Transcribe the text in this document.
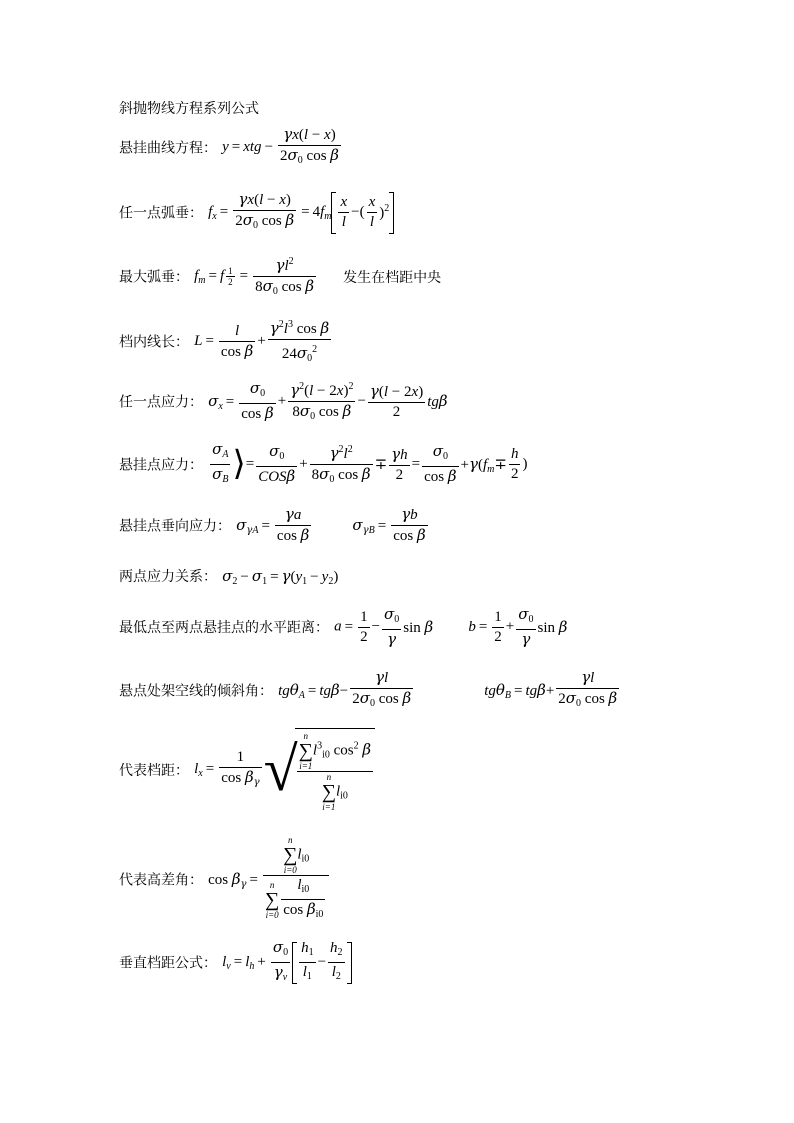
斜抛物线方程系列公式
悬挂曲线方程： y = xtg − $\frac{\gamma x(l - x)}{2\sigma_0 \cos \beta}$
任一点弧垂： $f_x = \frac{\gamma x(l - x)}{2\sigma_0 \cos \beta} = 4f_m \frac{x}{l}$ −( $\frac{x}{l} )^2$
最大弧垂： $f_m = f \frac{1}{2} = \frac{\gamma l^2}{8\sigma_0 \cos \beta}$ 发生在档距中央
档内线长： $L = \frac{l}{\text{cos β}} + \frac{\gamma^2l^3 \cos \beta}{24\sigma_0^2}$
任一点应力： $\sigma_x = \frac{\sigma_0}{\text{cos β}} + \frac{\gamma^2(l - 2x)^2}{8\sigma_0 \cos \beta} - \frac{\gamma(l - 2x)}{2}$ tgβ
悬挂点应力： $\frac{\sigma_A}{\sigma_B}$ ⟩= $\frac{\sigma_0}{\text{COSβ}} + \frac{\gamma^2l^2}{8\sigma_0 \cos \beta} \mp \frac{\gamma h}{2} = \frac{\sigma_0}{\text{cos β}} +\gamma(f_m\mp \frac{h}{2}$ )
悬挂点垂向应力： $\sigma_{\gamma A} = \frac{\gamma a}{\text{cos β}}$	$\sigma_{\gamma B} = \frac{\gamma b}{\text{cos β}}$
两点应力关系： $\sigma_2 - \sigma_1 = \gamma(y_1 - y_2)$
最低点至两点悬挂点的水平距离： $a = \frac{1}{2} - \frac{\sigma_0}{\gamma}$ sin β $b = \frac{1}{2} + \frac{\sigma_0}{\gamma}$ sin β
悬点处架空线的倾斜角： $tg\theta_A = tg\beta- \frac{\gamma l}{2\sigma_0 \cos \beta}$	$tg\theta_B = tg\beta+ \frac{\gamma l}{2\sigma_0 \cos \beta}$
代表档距： $l_x = \frac{1}{\cos \beta_\gamma}$ √ n
∑
i=1
$l^3_{i0}$ $\cos^2 \beta$
n
∑
i=1
$l_{i0}$
代表高差角： $\cos \beta_\gamma = n$
∑
i=0
$l_{i0}$
n
∑
$i=0 \frac{l_{i0}}{\cos \beta_{i0}}$
垂直档距公式： $l_v = l_h + \frac{\sigma_0}{\gamma_v} \frac{h_1}{l_1} - \frac{h_2}{l_2}$
